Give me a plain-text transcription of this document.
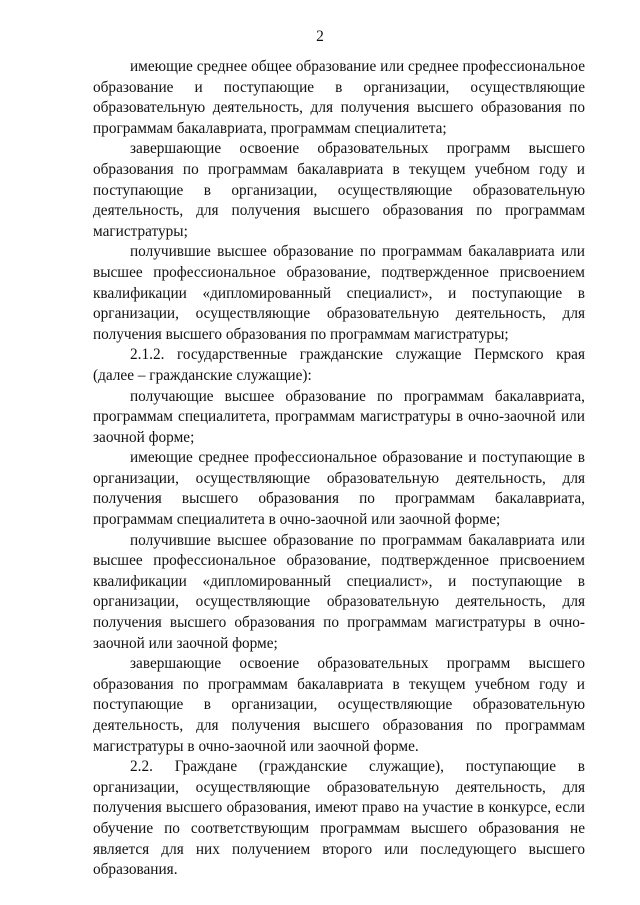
2

имеющие среднее общее образование или среднее профессиональное образование и поступающие в организации, осуществляющие образовательную деятельность, для получения высшего образования по программам бакалавриата, программам специалитета;

завершающие освоение образовательных программ высшего образования по программам бакалавриата в текущем учебном году и поступающие в организации, осуществляющие образовательную деятельность, для получения высшего образования по программам магистратуры;

получившие высшее образование по программам бакалавриата или высшее профессиональное образование, подтвержденное присвоением квалификации «дипломированный специалист», и поступающие в организации, осуществляющие образовательную деятельность, для получения высшего образования по программам магистратуры;

2.1.2. государственные гражданские служащие Пермского края (далее – гражданские служащие):

получающие высшее образование по программам бакалавриата, программам специалитета, программам магистратуры в очно-заочной или заочной форме;

имеющие среднее профессиональное образование и поступающие в организации, осуществляющие образовательную деятельность, для получения высшего образования по программам бакалавриата, программам специалитета в очно-заочной или заочной форме;

получившие высшее образование по программам бакалавриата или высшее профессиональное образование, подтвержденное присвоением квалификации «дипломированный специалист», и поступающие в организации, осуществляющие образовательную деятельность, для получения высшего образования по программам магистратуры в очно-заочной или заочной форме;

завершающие освоение образовательных программ высшего образования по программам бакалавриата в текущем учебном году и поступающие в организации, осуществляющие образовательную деятельность, для получения высшего образования по программам магистратуры в очно-заочной или заочной форме.

2.2. Граждане (гражданские служащие), поступающие в организации, осуществляющие образовательную деятельность, для получения высшего образования, имеют право на участие в конкурсе, если обучение по соответствующим программам высшего образования не является для них получением второго или последующего высшего образования.
